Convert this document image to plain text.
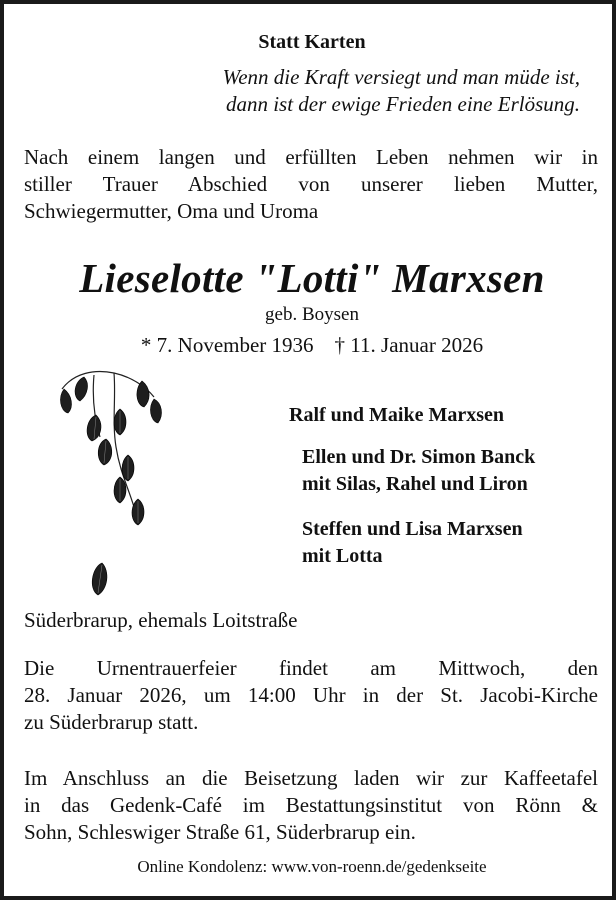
Statt Karten

Wenn die Kraft versiegt und man müde ist,
dann ist der ewige Frieden eine Erlösung.
Nach einem langen und erfüllten Leben nehmen wir in
stiller Trauer Abschied von unserer lieben Mutter,
Schwiegermutter, Oma und Uroma

Lieselotte "Lotti" Marxsen

geb. Boysen

* 7. November 1936 † 11. Januar 2026

Ralf und Maike Marxsen
Ellen und Dr. Simon Banck
mit Silas, Rahel und Liron
Steffen und Lisa Marxsen
mit Lotta
Süderbrarup, ehemals Loitstraße
Die Urnentrauerfeier findet am Mittwoch, den
28. Januar 2026, um 14:00 Uhr in der St. Jacobi-Kirche
zu Süderbrarup statt.
Im Anschluss an die Beisetzung laden wir zur Kaffeetafel
in das Gedenk-Café im Bestattungsinstitut von Rönn &
Sohn, Schleswiger Straße 61, Süderbrarup ein.

Online Kondolenz: www.von-roenn.de/gedenkseite
